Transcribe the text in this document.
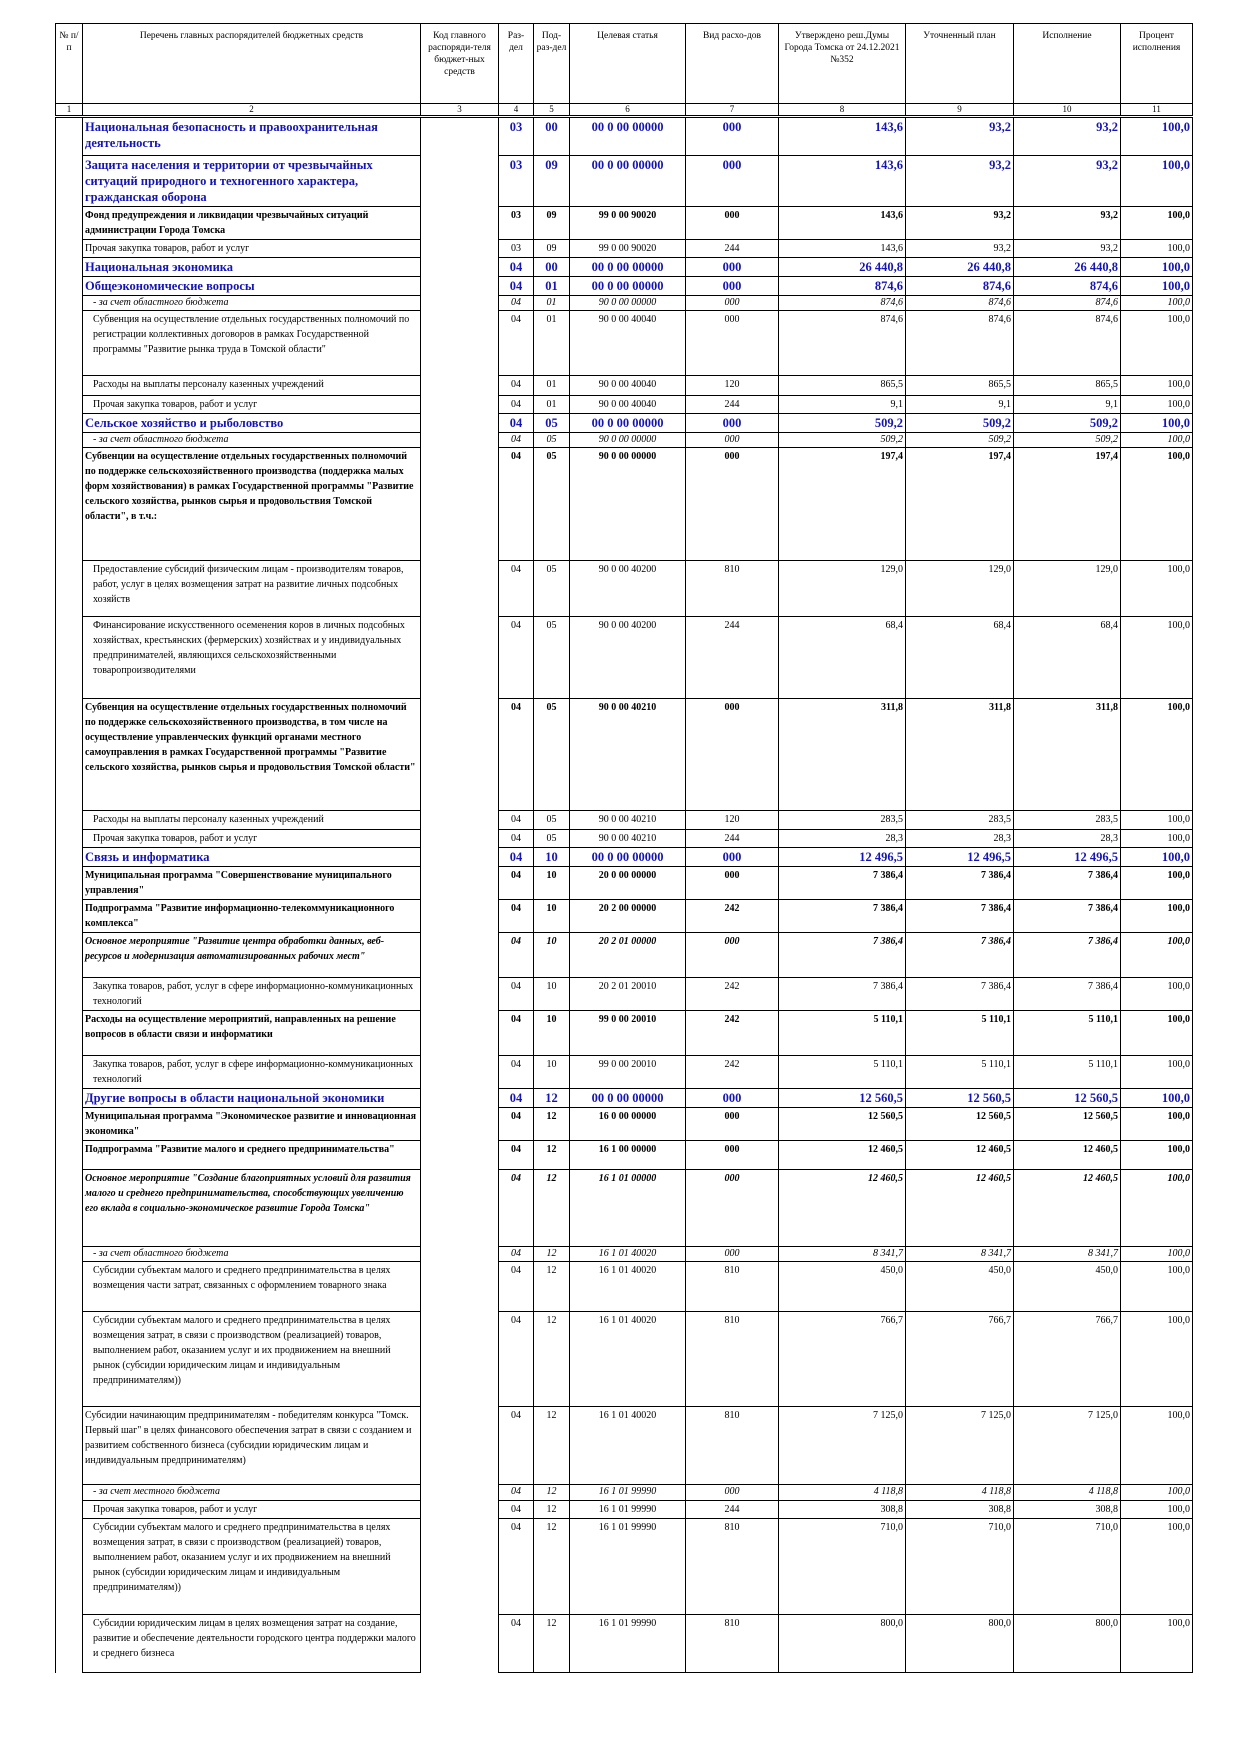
№ п/п	Перечень главных распорядителей бюджетных средств	Код главного распоряди-теля бюджет-ных средств	Раз-дел	Под-раз-дел	Целевая статья	Вид расхо-дов	Утверждено реш.Думы Города Томска от 24.12.2021 №352	Уточненный план	Исполнение	Процент исполнения
1	2	3	4	5	6	7	8	9	10	11
	Национальная безопасность и правоохранительная деятельность		03	00	00 0 00 00000	000	143,6	93,2	93,2	100,0
	Защита населения и территории от чрезвычайных ситуаций природного и техногенного характера, гражданская оборона		03	09	00 0 00 00000	000	143,6	93,2	93,2	100,0
	Фонд предупреждения и ликвидации чрезвычайных ситуаций администрации Города Томска		03	09	99 0 00 90020	000	143,6	93,2	93,2	100,0
	Прочая закупка товаров, работ и услуг		03	09	99 0 00 90020	244	143,6	93,2	93,2	100,0
	Национальная экономика		04	00	00 0 00 00000	000	26 440,8	26 440,8	26 440,8	100,0
	Общеэкономические вопросы		04	01	00 0 00 00000	000	874,6	874,6	874,6	100,0
	- за счет областного бюджета		04	01	90 0 00 00000	000	874,6	874,6	874,6	100,0
	Субвенция на осуществление отдельных государственных полномочий по регистрации коллективных договоров в рамках Государственной программы "Развитие рынка труда в Томской области"		04	01	90 0 00 40040	000	874,6	874,6	874,6	100,0
	Расходы на выплаты персоналу казенных учреждений		04	01	90 0 00 40040	120	865,5	865,5	865,5	100,0
	Прочая закупка товаров, работ и услуг		04	01	90 0 00 40040	244	9,1	9,1	9,1	100,0
	Сельское хозяйство и рыболовство		04	05	00 0 00 00000	000	509,2	509,2	509,2	100,0
	- за счет областного бюджета		04	05	90 0 00 00000	000	509,2	509,2	509,2	100,0
	Субвенции на осуществление отдельных государственных полномочий по поддержке сельскохозяйственного производства (поддержка малых форм хозяйствования) в рамках Государственной программы "Развитие сельского хозяйства, рынков сырья и продовольствия Томской области", в т.ч.:		04	05	90 0 00 00000	000	197,4	197,4	197,4	100,0
	Предоставление субсидий физическим лицам - производителям товаров, работ, услуг в целях возмещения затрат на развитие личных подсобных хозяйств		04	05	90 0 00 40200	810	129,0	129,0	129,0	100,0
	Финансирование искусственного осеменения коров в личных подсобных хозяйствах, крестьянских (фермерских) хозяйствах и у индивидуальных предпринимателей, являющихся сельскохозяйственными товаропроизводителями		04	05	90 0 00 40200	244	68,4	68,4	68,4	100,0
	Субвенция на осуществление отдельных государственных полномочий по поддержке сельскохозяйственного производства, в том числе на осуществление управленческих функций органами местного самоуправления в рамках Государственной программы "Развитие сельского хозяйства, рынков сырья и продовольствия Томской области"		04	05	90 0 00 40210	000	311,8	311,8	311,8	100,0
	Расходы на выплаты персоналу казенных учреждений		04	05	90 0 00 40210	120	283,5	283,5	283,5	100,0
	Прочая закупка товаров, работ и услуг		04	05	90 0 00 40210	244	28,3	28,3	28,3	100,0
	Связь и информатика		04	10	00 0 00 00000	000	12 496,5	12 496,5	12 496,5	100,0
	Муниципальная программа "Совершенствование муниципального управления"		04	10	20 0 00 00000	000	7 386,4	7 386,4	7 386,4	100,0
	Подпрограмма "Развитие информационно-телекоммуникационного комплекса"		04	10	20 2 00 00000	242	7 386,4	7 386,4	7 386,4	100,0
	Основное мероприятие "Развитие центра обработки данных, веб-ресурсов и модернизация автоматизированных рабочих мест"		04	10	20 2 01 00000	000	7 386,4	7 386,4	7 386,4	100,0
	Закупка товаров, работ, услуг в сфере информационно-коммуникационных технологий		04	10	20 2 01 20010	242	7 386,4	7 386,4	7 386,4	100,0
	Расходы на осуществление мероприятий, направленных на решение вопросов в области связи и информатики		04	10	99 0 00 20010	242	5 110,1	5 110,1	5 110,1	100,0
	Закупка товаров, работ, услуг в сфере информационно-коммуникационных технологий		04	10	99 0 00 20010	242	5 110,1	5 110,1	5 110,1	100,0
	Другие вопросы в области национальной экономики		04	12	00 0 00 00000	000	12 560,5	12 560,5	12 560,5	100,0
	Муниципальная программа "Экономическое развитие и инновационная экономика"		04	12	16 0 00 00000	000	12 560,5	12 560,5	12 560,5	100,0
	Подпрограмма "Развитие малого и среднего предпринимательства"		04	12	16 1 00 00000	000	12 460,5	12 460,5	12 460,5	100,0
	Основное мероприятие "Создание благоприятных условий для развития малого и среднего предпринимательства, способствующих увеличению его вклада в социально-экономическое развитие Города Томска"		04	12	16 1 01 00000	000	12 460,5	12 460,5	12 460,5	100,0
	- за счет областного бюджета		04	12	16 1 01 40020	000	8 341,7	8 341,7	8 341,7	100,0
	Субсидии субъектам малого и среднего предпринимательства в целях возмещения части затрат, связанных с оформлением товарного знака		04	12	16 1 01 40020	810	450,0	450,0	450,0	100,0
	Субсидии субъектам малого и среднего предпринимательства в целях возмещения затрат, в связи с производством (реализацией) товаров, выполнением работ, оказанием услуг и их продвижением на внешний рынок (субсидии юридическим лицам и индивидуальным предпринимателям))		04	12	16 1 01 40020	810	766,7	766,7	766,7	100,0
	Субсидии начинающим предпринимателям - победителям конкурса "Томск. Первый шаг" в целях финансового обеспечения затрат в связи с созданием и развитием собственного бизнеса (субсидии юридическим лицам и индивидуальным предпринимателям)		04	12	16 1 01 40020	810	7 125,0	7 125,0	7 125,0	100,0
	- за счет местного бюджета		04	12	16 1 01 99990	000	4 118,8	4 118,8	4 118,8	100,0
	Прочая закупка товаров, работ и услуг		04	12	16 1 01 99990	244	308,8	308,8	308,8	100,0
	Субсидии субъектам малого и среднего предпринимательства в целях возмещения затрат, в связи с производством (реализацией) товаров, выполнением работ, оказанием услуг и их продвижением на внешний рынок (субсидии юридическим лицам и индивидуальным предпринимателям))		04	12	16 1 01 99990	810	710,0	710,0	710,0	100,0
	Субсидии юридическим лицам в целях возмещения затрат на создание, развитие и обеспечение деятельности городского центра поддержки малого и среднего бизнеса		04	12	16 1 01 99990	810	800,0	800,0	800,0	100,0
